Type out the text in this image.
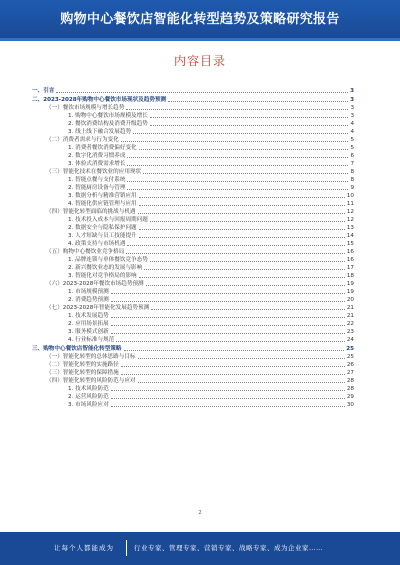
购物中心餐饮店智能化转型趋势及策略研究报告
内容目录
一、引言	3
二、2023-2028年购物中心餐饮市场现状及趋势预测	3
（一）餐饮市场规模与增长趋势	3
1. 购物中心餐饮市场规模及增长	3
2. 餐饮消费结构及消费升级趋势	4
3. 线上线下融合发展趋势	4
（二）消费者需求与行为变化	5
1. 消费者餐饮消费偏好变化	5
2. 数字化消费习惯养成	6
3. 体验式消费需求增长	7
（三）智能化技术在餐饮业的应用现状	8
1. 智能点餐与支付系统	8
2. 智能厨房设备与管理	9
3. 数据分析与精准营销应用	10
4. 智能化供应链管理与应用	11
（四）智能化转型面临的挑战与机遇	12
1. 技术投入成本与回报周期问题	12
2. 数据安全与隐私保护问题	13
3. 人才短缺与员工技能提升	14
4. 政策支持与市场机遇	15
（五）购物中心餐饮业竞争格局	16
1. 品牌连锁与单体餐饮竞争态势	16
2. 新兴餐饮业态的发展与影响	17
3. 智能化对竞争格局的影响	18
（六）2023-2028年餐饮市场趋势预测	19
1. 市场规模预测	19
2. 消费趋势预测	20
（七）2023-2028年智能化发展趋势预测	21
1. 技术发展趋势	21
2. 应用场景拓展	22
3. 服务模式创新	23
4. 行业标准与规范	24
三、购物中心餐饮店智能化转型策略	25
（一）智能化转型的总体思路与目标	25
（二）智能化转型的实施路径	26
（三）智能化转型的保障措施	27
（四）智能化转型的风险防范与应对	28
1. 技术风险防范	28
2. 运营风险防范	29
3. 市场风险应对	30
2
让每个人都能成为	行业专家、管理专家、营销专家、战略专家、成为企业家……
